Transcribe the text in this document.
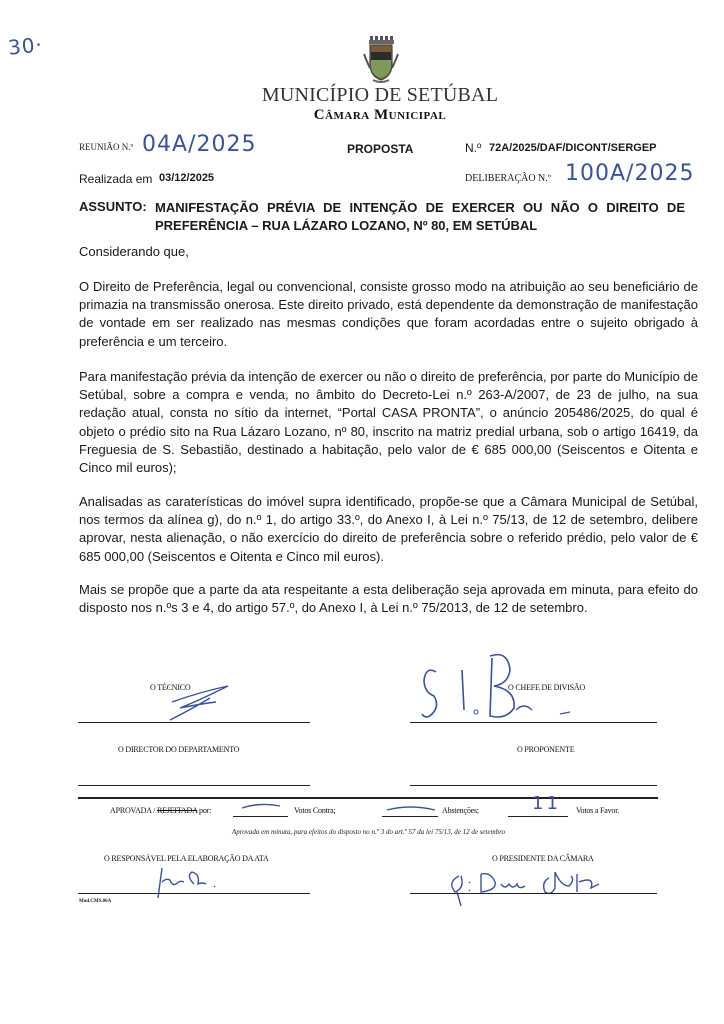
30·
MUNICÍPIO DE SETÚBAL
Câmara Municipal
REUNIÃO N.º 04A/2025	PROPOSTA	N.º 72A/2025/DAF/DICONT/SERGEP
Realizada em 03/12/2025	DELIBERAÇÃO N.º 100A/2025
ASSUNTO: MANIFESTAÇÃO PRÉVIA DE INTENÇÃO DE EXERCER OU NÃO O DIREITO DE PREFERÊNCIA – RUA LÁZARO LOZANO, Nº 80, EM SETÚBAL
Considerando que,
O Direito de Preferência, legal ou convencional, consiste grosso modo na atribuição ao seu beneficiário de primazia na transmissão onerosa. Este direito privado, está dependente da demonstração de manifestação de vontade em ser realizado nas mesmas condições que foram acordadas entre o sujeito obrigado à preferência e um terceiro.
Para manifestação prévia da intenção de exercer ou não o direito de preferência, por parte do Município de Setúbal, sobre a compra e venda, no âmbito do Decreto-Lei n.º 263-A/2007, de 23 de julho, na sua redação atual, consta no sítio da internet, “Portal CASA PRONTA”, o anúncio 205486/2025, do qual é objeto o prédio sito na Rua Lázaro Lozano, nº 80, inscrito na matriz predial urbana, sob o artigo 16419, da Freguesia de S. Sebastião, destinado a habitação, pelo valor de € 685 000,00 (Seiscentos e Oitenta e Cinco mil euros);
Analisadas as caraterísticas do imóvel supra identificado, propõe-se que a Câmara Municipal de Setúbal, nos termos da alínea g), do n.º 1, do artigo 33.º, do Anexo I, à Lei n.º 75/13, de 12 de setembro, delibere aprovar, nesta alienação, o não exercício do direito de preferência sobre o referido prédio, pelo valor de € 685 000,00 (Seiscentos e Oitenta e Cinco mil euros).
Mais se propõe que a parte da ata respeitante a esta deliberação seja aprovada em minuta, para efeito do disposto nos n.ºs 3 e 4, do artigo 57.º, do Anexo I, à Lei n.º 75/2013, de 12 de setembro.
O TÉCNICO	O CHEFE DE DIVISÃO
O DIRECTOR DO DEPARTAMENTO	O PROPONENTE
APROVADA / REJEITADA por:	Votos Contra;	Abstenções;	11 Votos a Favor.
Aprovada em minuta, para efeitos do disposto no n.º 3 do art.º 57 da lei 75/13, de 12 de setembro
O RESPONSÁVEL PELA ELABORAÇÃO DA ATA
Mod.CMS.06A
O PRESIDENTE DA CÂMARA
